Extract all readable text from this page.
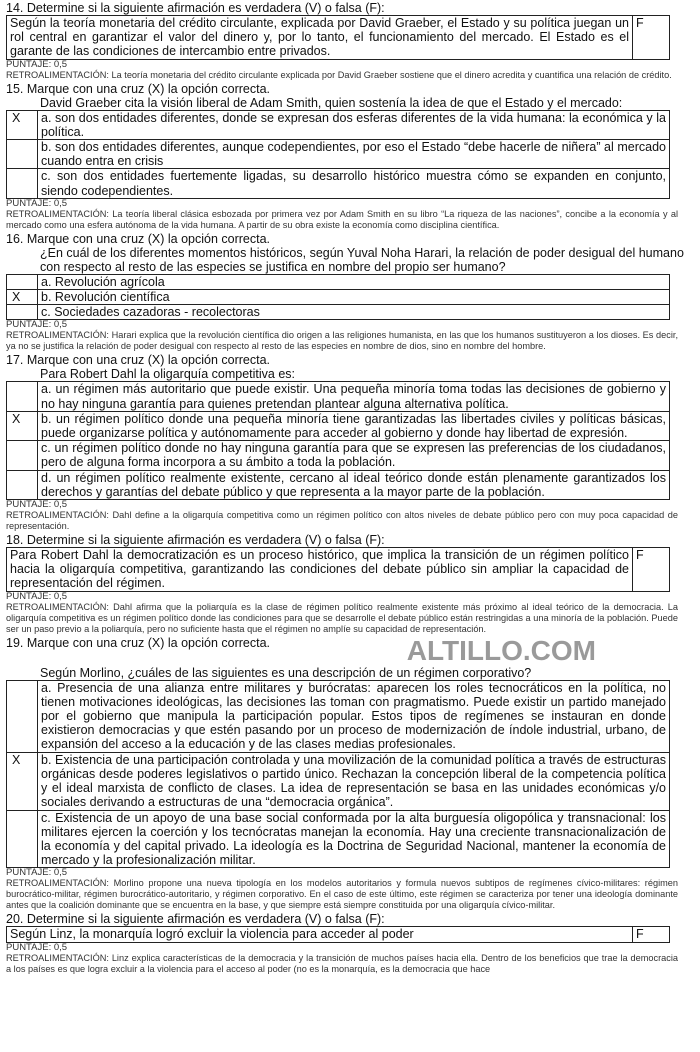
14. Determine si la siguiente afirmación es verdadera (V) o falsa (F):
Según la teoría monetaria del crédito circulante, explicada por David Graeber, el Estado y su política juegan un rol central en garantizar el valor del dinero y, por lo tanto, el funcionamiento del mercado. El Estado es el garante de las condiciones de intercambio entre privados.	F
PUNTAJE: 0,5
RETROALIMENTACIÓN: La teoría monetaria del crédito circulante explicada por David Graeber sostiene que el dinero acredita y cuantifica una relación de crédito.
15. Marque con una cruz (X) la opción correcta.
David Graeber cita la visión liberal de Adam Smith, quien sostenía la idea de que el Estado y el mercado:
X	a. son dos entidades diferentes, donde se expresan dos esferas diferentes de la vida humana: la económica y la política.
	b. son dos entidades diferentes, aunque codependientes, por eso el Estado “debe hacerle de niñera” al mercado cuando entra en crisis
	c. son dos entidades fuertemente ligadas, su desarrollo histórico muestra cómo se expanden en conjunto, siendo codependientes.
PUNTAJE: 0,5
RETROALIMENTACIÓN: La teoría liberal clásica esbozada por primera vez por Adam Smith en su libro “La riqueza de las naciones”, concibe a la economía y al mercado como una esfera autónoma de la vida humana. A partir de su obra existe la economía como disciplina científica.
16. Marque con una cruz (X) la opción correcta.
¿En cuál de los diferentes momentos históricos, según Yuval Noha Harari, la relación de poder desigual del humano con respecto al resto de las especies se justifica en nombre del propio ser humano?
	a. Revolución agrícola
X	b. Revolución científica
	c. Sociedades cazadoras - recolectoras
PUNTAJE: 0,5
RETROALIMENTACIÓN: Harari explica que la revolución científica dio origen a las religiones humanista, en las que los humanos sustituyeron a los dioses. Es decir, ya no se justifica la relación de poder desigual con respecto al resto de las especies en nombre de dios, sino en nombre del hombre.
17. Marque con una cruz (X) la opción correcta.
Para Robert Dahl la oligarquía competitiva es:
	a. un régimen más autoritario que puede existir. Una pequeña minoría toma todas las decisiones de gobierno y no hay ninguna garantía para quienes pretendan plantear alguna alternativa política.
X	b. un régimen político donde una pequeña minoría tiene garantizadas las libertades civiles y políticas básicas, puede organizarse política y autónomamente para acceder al gobierno y donde hay libertad de expresión.
	c. un régimen político donde no hay ninguna garantía para que se expresen las preferencias de los ciudadanos, pero de alguna forma incorpora a su ámbito a toda la población.
	d. un régimen político realmente existente, cercano al ideal teórico donde están plenamente garantizados los derechos y garantías del debate público y que representa a la mayor parte de la población.
PUNTAJE: 0,5
RETROALIMENTACIÓN: Dahl define a la oligarquía competitiva como un régimen político con altos niveles de debate público pero con muy poca capacidad de representación.
18. Determine si la siguiente afirmación es verdadera (V) o falsa (F):
Para Robert Dahl la democratización es un proceso histórico, que implica la transición de un régimen político hacia la oligarquía competitiva, garantizando las condiciones del debate público sin ampliar la capacidad de representación del régimen.	F
PUNTAJE: 0,5
RETROALIMENTACIÓN: Dahl afirma que la poliarquía es la clase de régimen político realmente existente más próximo al ideal teórico de la democracia. La oligarquía competitiva es un régimen político donde las condiciones para que se desarrolle el debate público están restringidas a una minoría de la población. Puede ser un paso previo a la poliarquía, pero no suficiente hasta que el régimen no amplíe su capacidad de representación.
ALTILLO.COM
19. Marque con una cruz (X) la opción correcta.
Según Morlino, ¿cuáles de las siguientes es una descripción de un régimen corporativo?
	a. Presencia de una alianza entre militares y burócratas: aparecen los roles tecnocráticos en la política, no tienen motivaciones ideológicas, las decisiones las toman con pragmatismo. Puede existir un partido manejado por el gobierno que manipula la participación popular. Estos tipos de regímenes se instauran en donde existieron democracias y que estén pasando por un proceso de modernización de índole industrial, urbano, de expansión del acceso a la educación y de las clases medias profesionales.
X	b. Existencia de una participación controlada y una movilización de la comunidad política a través de estructuras orgánicas desde poderes legislativos o partido único. Rechazan la concepción liberal de la competencia política y el ideal marxista de conflicto de clases. La idea de representación se basa en las unidades económicas y/o sociales derivando a estructuras de una “democracia orgánica”.
	c. Existencia de un apoyo de una base social conformada por la alta burguesía oligopólica y transnacional: los militares ejercen la coerción y los tecnócratas manejan la economía. Hay una creciente transnacionalización de la economía y del capital privado. La ideología es la Doctrina de Seguridad Nacional, mantener la economía de mercado y la profesionalización militar.
PUNTAJE: 0,5
RETROALIMENTACIÓN: Morlino propone una nueva tipología en los modelos autoritarios y formula nuevos subtipos de regímenes cívico-militares: régimen burocrático-militar, régimen burocrático-autoritario, y régimen corporativo. En el caso de este último, este régimen se caracteriza por tener una ideología dominante antes que la coalición dominante que se encuentra en la base, y que siempre está siempre constituida por una oligarquía cívico-militar.
20. Determine si la siguiente afirmación es verdadera (V) o falsa (F):
Según Linz, la monarquía logró excluir la violencia para acceder al poder	F
PUNTAJE: 0,5
RETROALIMENTACIÓN: Linz explica características de la democracia y la transición de muchos países hacia ella. Dentro de los beneficios que trae la democracia a los países es que logra excluir a la violencia para el acceso al poder (no es la monarquía, es la democracia que hace
